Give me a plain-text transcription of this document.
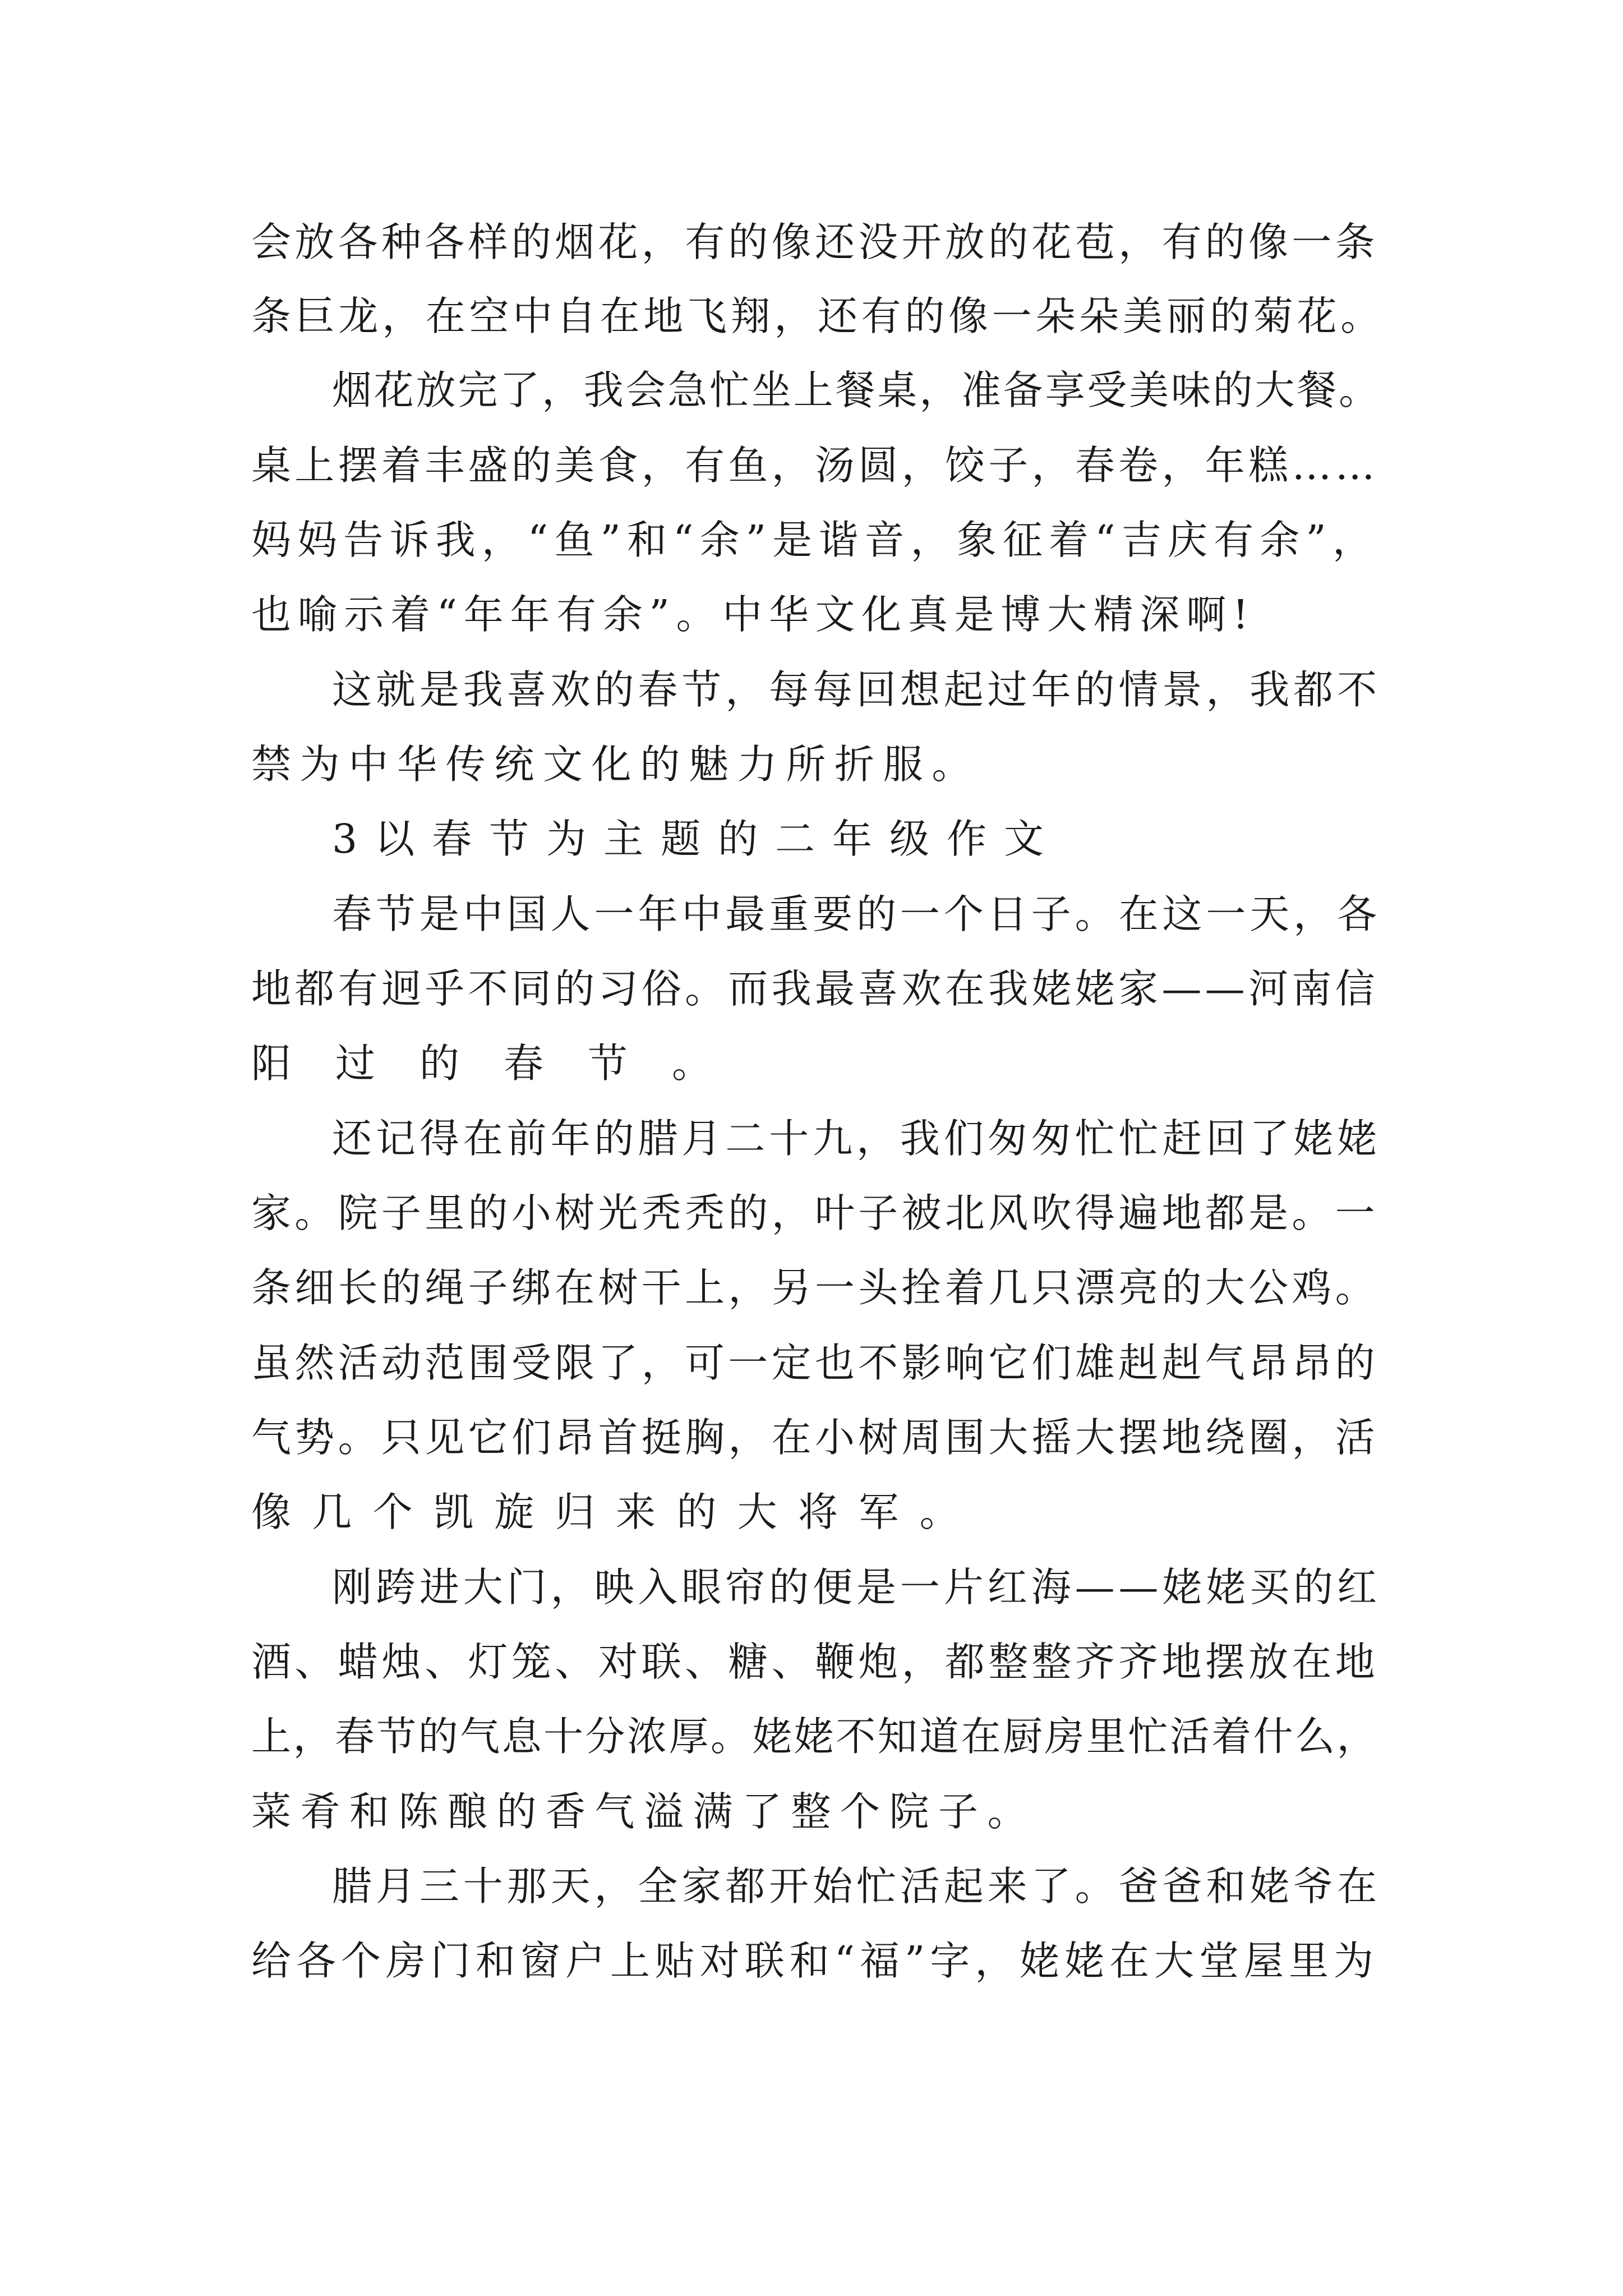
会放各种各样的烟花，有的像还没开放的花苞，有的像一条
条巨龙，在空中自在地飞翔，还有的像一朵朵美丽的菊花。
烟花放完了，我会急忙坐上餐桌，准备享受美味的大餐。
桌上摆着丰盛的美食，有鱼，汤圆，饺子，春卷，年糕……
妈妈告诉我，“鱼”和“余”是谐音，象征着“吉庆有余”，
也喻示着“年年有余”。中华文化真是博大精深啊!
这就是我喜欢的春节，每每回想起过年的情景，我都不
禁为中华传统文化的魅力所折服。
3以春节为主题的二年级作文
春节是中国人一年中最重要的一个日子。在这一天，各
地都有迥乎不同的习俗。而我最喜欢在我姥姥家——河南信
阳过的春节。
还记得在前年的腊月二十九，我们匆匆忙忙赶回了姥姥
家。院子里的小树光秃秃的，叶子被北风吹得遍地都是。一
条细长的绳子绑在树干上，另一头拴着几只漂亮的大公鸡。
虽然活动范围受限了，可一定也不影响它们雄赳赳气昂昂的
气势。只见它们昂首挺胸，在小树周围大摇大摆地绕圈，活
像几个凯旋归来的大将军。
刚跨进大门，映入眼帘的便是一片红海——姥姥买的红
酒、蜡烛、灯笼、对联、糖、鞭炮，都整整齐齐地摆放在地
上，春节的气息十分浓厚。姥姥不知道在厨房里忙活着什么，
菜肴和陈酿的香气溢满了整个院子。
腊月三十那天，全家都开始忙活起来了。爸爸和姥爷在
给各个房门和窗户上贴对联和“福”字，姥姥在大堂屋里为
